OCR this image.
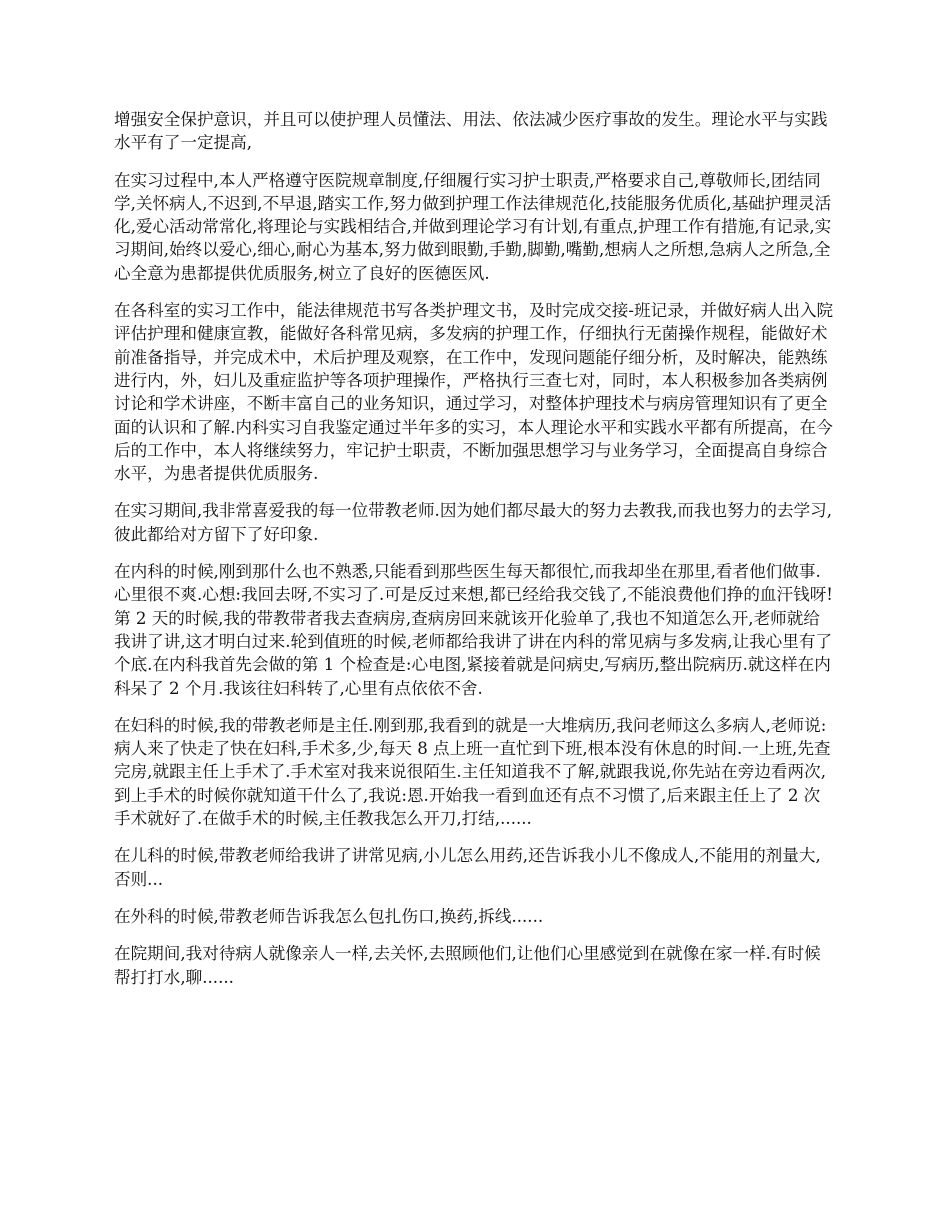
增强安全保护意识，并且可以使护理人员懂法、用法、依法减少医疗事故的发生。理论水平与实践水平有了一定提高,

在实习过程中,本人严格遵守医院规章制度,仔细履行实习护士职责,严格要求自己,尊敬师长,团结同学,关怀病人,不迟到,不早退,踏实工作,努力做到护理工作法律规范化,技能服务优质化,基础护理灵活化,爱心活动常常化,将理论与实践相结合,并做到理论学习有计划,有重点,护理工作有措施,有记录,实习期间,始终以爱心,细心,耐心为基本,努力做到眼勤,手勤,脚勤,嘴勤,想病人之所想,急病人之所急,全心全意为患都提供优质服务,树立了良好的医德医风.

在各科室的实习工作中，能法律规范书写各类护理文书，及时完成交接-班记录，并做好病人出入院评估护理和健康宣教，能做好各科常见病，多发病的护理工作，仔细执行无菌操作规程，能做好术前准备指导，并完成术中，术后护理及观察，在工作中，发现问题能仔细分析，及时解决，能熟练进行内，外，妇儿及重症监护等各项护理操作，严格执行三查七对，同时，本人积极参加各类病例讨论和学术讲座，不断丰富自己的业务知识，通过学习，对整体护理技术与病房管理知识有了更全面的认识和了解.内科实习自我鉴定通过半年多的实习，本人理论水平和实践水平都有所提高，在今后的工作中，本人将继续努力，牢记护士职责，不断加强思想学习与业务学习，全面提高自身综合水平，为患者提供优质服务.

在实习期间,我非常喜爱我的每一位带教老师.因为她们都尽最大的努力去教我,而我也努力的去学习,彼此都给对方留下了好印象.

在内科的时候,刚到那什么也不熟悉,只能看到那些医生每天都很忙,而我却坐在那里,看者他们做事.心里很不爽.心想:我回去呀,不实习了.可是反过来想,都已经给我交钱了,不能浪费他们挣的血汗钱呀!第 2 天的时候,我的带教带者我去查病房,查病房回来就该开化验单了,我也不知道怎么开,老师就给我讲了讲,这才明白过来.轮到值班的时候,老师都给我讲了讲在内科的常见病与多发病,让我心里有了个底.在内科我首先会做的第 1 个检查是:心电图,紧接着就是问病史,写病历,整出院病历.就这样在内科呆了 2 个月.我该往妇科转了,心里有点依依不舍.

在妇科的时候,我的带教老师是主任.刚到那,我看到的就是一大堆病历,我问老师这么多病人,老师说:病人来了快走了快在妇科,手术多,少,每天 8 点上班一直忙到下班,根本没有休息的时间.一上班,先查完房,就跟主任上手术了.手术室对我来说很陌生.主任知道我不了解,就跟我说,你先站在旁边看两次,到上手术的时候你就知道干什么了,我说:恩.开始我一看到血还有点不习惯了,后来跟主任上了 2 次手术就好了.在做手术的时候,主任教我怎么开刀,打结,......

在儿科的时候,带教老师给我讲了讲常见病,小儿怎么用药,还告诉我小儿不像成人,不能用的剂量大,否则...

在外科的时候,带教老师告诉我怎么包扎伤口,换药,拆线......

在院期间,我对待病人就像亲人一样,去关怀,去照顾他们,让他们心里感觉到在就像在家一样.有时候帮打打水,聊......
